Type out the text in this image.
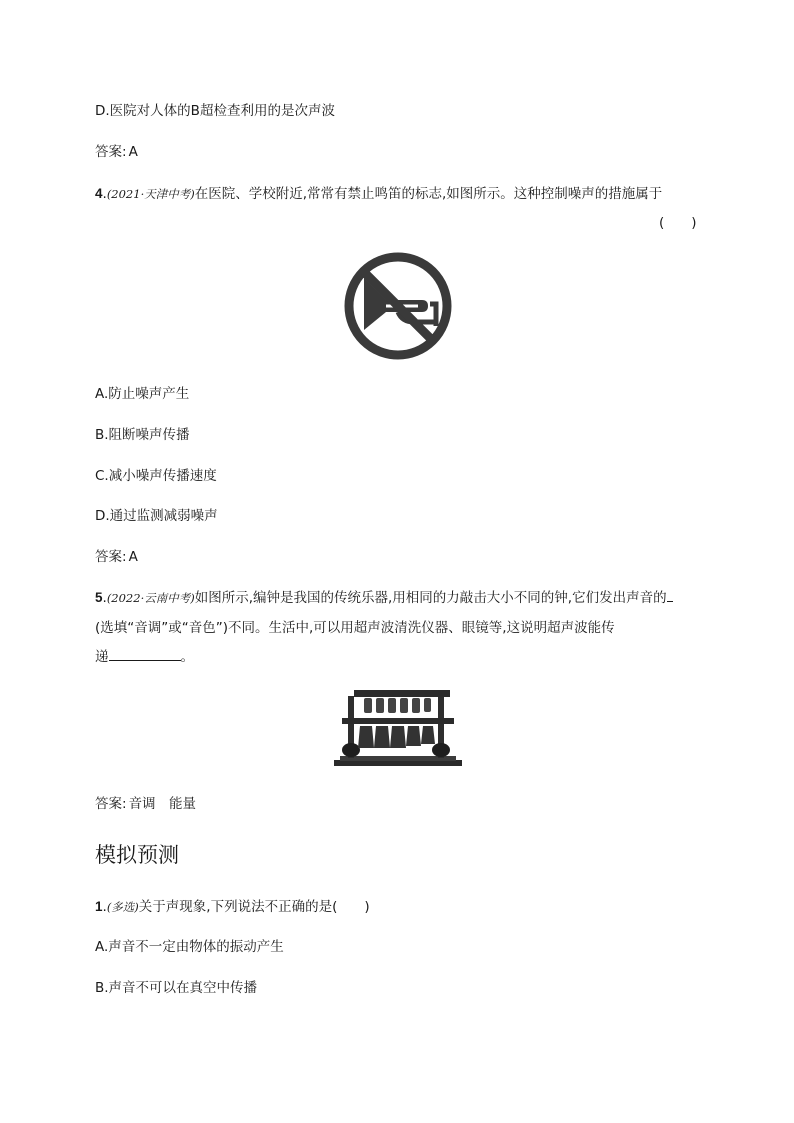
D.医院对人体的B超检查利用的是次声波
答案: A
4.(2021·天津中考)在医院、学校附近,常常有禁止鸣笛的标志,如图所示。这种控制噪声的措施属于
(　　)
A.防止噪声产生
B.阻断噪声传播
C.减小噪声传播速度
D.通过监测减弱噪声
答案: A
5.(2022·云南中考)如图所示,编钟是我国的传统乐器,用相同的力敲击大小不同的钟,它们发出声音的
(选填“音调”或“音色”)不同。生活中,可以用超声波清洗仪器、眼镜等,这说明超声波能传
递	。
答案: 音调　能量
模拟预测
1.(多选)关于声现象,下列说法不正确的是(　　)
A.声音不一定由物体的振动产生
B.声音不可以在真空中传播
